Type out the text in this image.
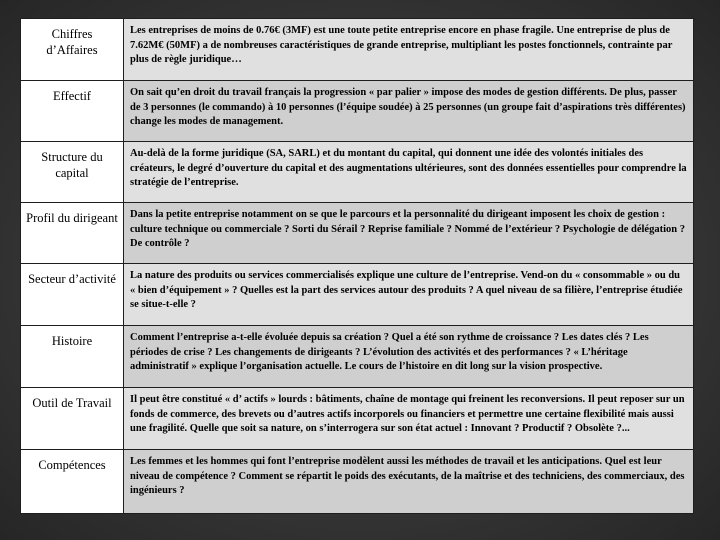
Chiffres d’Affaires	Les entreprises de moins de 0.76€ (3MF) est une toute petite entreprise encore en phase fragile. Une entreprise de plus de 7.62M€ (50MF) a de nombreuses caractéristiques de grande entreprise, multipliant les postes fonctionnels, contrainte par plus de règle juridique…

Effectif	On sait qu’en droit du travail français la progression « par palier » impose des modes de gestion différents. De plus, passer de 3 personnes (le commando) à 10 personnes (l’équipe soudée) à 25 personnes (un groupe fait d’aspirations très différentes) change les modes de management.

Structure du capital	Au-delà de la forme juridique (SA, SARL) et du montant du capital, qui donnent une idée des volontés initiales des créateurs, le degré d’ouverture du capital et des augmentations ultérieures, sont des données essentielles pour comprendre la stratégie de l’entreprise.

Profil du dirigeant	Dans la petite entreprise notamment on se que le parcours et la personnalité du dirigeant imposent les choix de gestion : culture technique ou commerciale ? Sorti du Sérail ? Reprise familiale ? Nommé de l’extérieur ? Psychologie de délégation ? De contrôle ?

Secteur d’activité	La nature des produits ou services commercialisés explique une culture de l’entreprise. Vend-on du « consommable » ou du « bien d’équipement » ? Quelles est la part des services autour des produits ? A quel niveau de sa filière, l’entreprise étudiée se situe-t-elle ?

Histoire	Comment l’entreprise a-t-elle évoluée depuis sa création ? Quel a été son rythme de croissance ? Les dates clés ? Les périodes de crise ? Les changements de dirigeants ? L’évolution des activités et des performances ? « L’héritage administratif » explique l’organisation actuelle. Le cours de l’histoire en dit long sur la vision prospective.

Outil de Travail	Il peut être constitué « d’ actifs » lourds : bâtiments, chaîne de montage qui freinent les reconversions. Il peut reposer sur un fonds de commerce, des brevets ou d’autres actifs incorporels ou financiers et permettre une certaine flexibilité mais aussi une fragilité. Quelle que soit sa nature, on s’interrogera sur son état actuel : Innovant ? Productif ? Obsolète ?...

Compétences	Les femmes et les hommes qui font l’entreprise modèlent aussi les méthodes de travail et les anticipations. Quel est leur niveau de compétence ? Comment se répartit le poids des exécutants, de la maîtrise et des techniciens, des commerciaux, des ingénieurs ?
